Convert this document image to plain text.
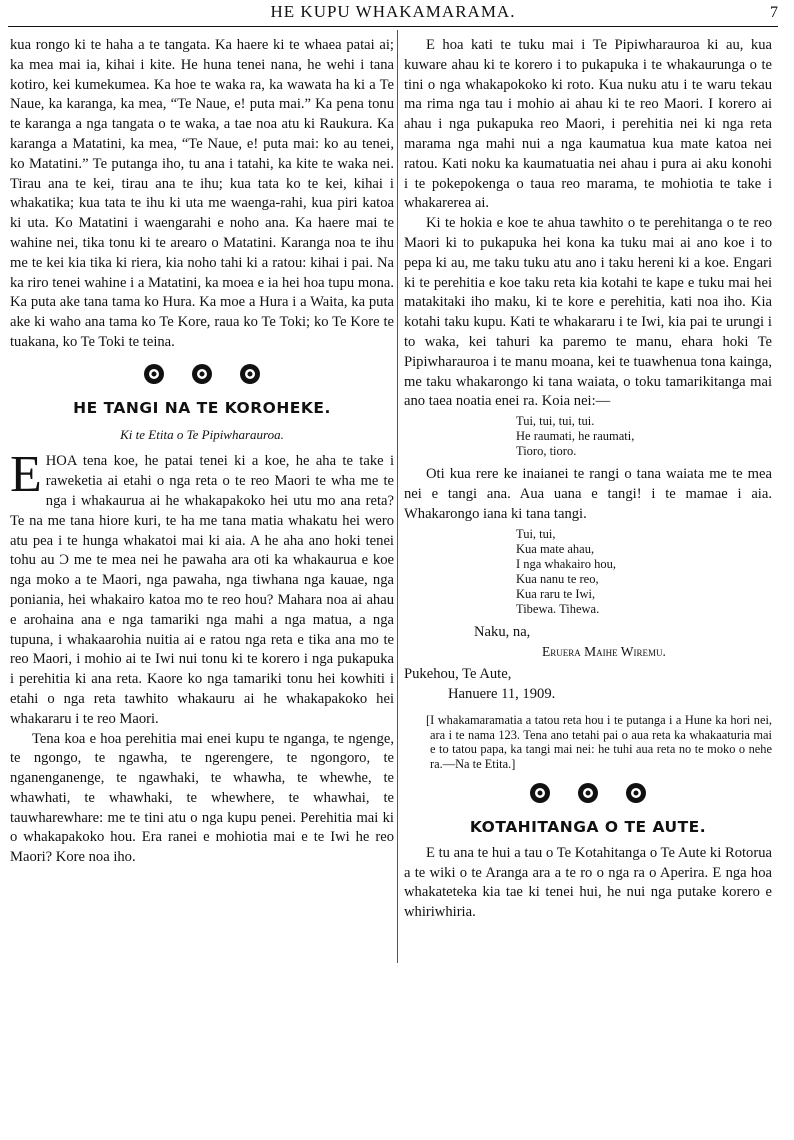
HE KUPU WHAKAMARAMA.	7

kua rongo ki te haha a te tangata. Ka haere ki te whaea patai ai; ka mea mai ia, kihai i kite. He huna tenei nana, he wehi i tana kotiro, kei kumekumea. Ka hoe te waka ra, ka wawata ha ki a Te Naue, ka karanga, ka mea, “Te Naue, e! puta mai.” Ka pena tonu te karanga a nga tangata o te waka, a tae noa atu ki Raukura. Ka karanga a Matatini, ka mea, “Te Naue, e! puta mai: ko au tenei, ko Matatini.” Te putanga iho, tu ana i tatahi, ka kite te waka nei. Tirau ana te kei, tirau ana te ihu; kua tata ko te kei, kihai i whakatika; kua tata te ihu ki uta me waenga-rahi, kua piri katoa ki uta. Ko Matatini i waengarahi e noho ana. Ka haere mai te wahine nei, tika tonu ki te arearo o Matatini. Karanga noa te ihu me te kei kia tika ki riera, kia noho tahi ki a ratou: kihai i pai. Na ka riro tenei wahine i a Matatini, ka moea e ia hei hoa tupu mona. Ka puta ake tana tama ko Hura. Ka moe a Hura i a Waita, ka puta ake ki waho ana tama ko Te Kore, raua ko Te Toki; ko Te Kore te tuakana, ko Te Toki te teina.

HE TANGI NA TE KOROHEKE.
Ki te Etita o Te Pipiwharauroa.

E HOA tena koe, he patai tenei ki a koe, he aha te take i raweketia ai etahi o nga reta o te reo Maori te wha me te nga i whakaurua ai he whakapakoko hei utu mo ana reta? Te na me tana hiore kuri, te ha me tana matia whakatu hei wero atu pea i te hunga whakatoi mai ki aia. A he aha ano hoki tenei tohu au Ɔ me te mea nei he pawaha ara oti ka whakaurua e koe nga moko a te Maori, nga pawaha, nga tiwhana nga kauae, nga poniania, hei whakairo katoa mo te reo hou? Mahara noa ai ahau e arohaina ana e nga tamariki nga mahi a nga matua, a nga tupuna, i whakaarohia nuitia ai e ratou nga reta e tika ana mo te reo Maori, i mohio ai te Iwi nui tonu ki te korero i nga pukapuka i perehitia ki ana reta. Kaore ko nga tamariki tonu hei kowhiti i etahi o nga reta tawhito whakauru ai he whakapakoko hei whakararu i te reo Maori.

Tena koa e hoa perehitia mai enei kupu te nganga, te ngenge, te ngongo, te ngawha, te ngerengere, te ngongoro, te nganenganenge, te ngawhaki, te whawha, te whewhe, te whawhati, te whawhaki, te whewhere, te whawhai, te tauwharewhare: me te tini atu o nga kupu penei. Perehitia mai ki o whakapakoko hou. Era ranei e mohiotia mai e te Iwi he reo Maori? Kore noa iho.

E hoa kati te tuku mai i Te Pipiwharauroa ki au, kua kuware ahau ki te korero i to pukapuka i te whakaurunga o te tini o nga whakapokoko ki roto. Kua nuku atu i te waru tekau ma rima nga tau i mohio ai ahau ki te reo Maori. I korero ai ahau i nga pukapuka reo Maori, i perehitia nei ki nga reta marama nga mahi nui a nga kaumatua kua mate katoa nei ratou. Kati noku ka kaumatuatia nei ahau i pura ai aku konohi i te pokepokenga o taua reo marama, te mohiotia te take i whakarerea ai.

Ki te hokia e koe te ahua tawhito o te perehitanga o te reo Maori ki to pukapuka hei kona ka tuku mai ai ano koe i to pepa ki au, me taku tuku atu ano i taku hereni ki a koe. Engari ki te perehitia e koe taku reta kia kotahi te kape e tuku mai hei matakitaki iho maku, ki te kore e perehitia, kati noa iho. Kia kotahi taku kupu. Kati te whakararu i te Iwi, kia pai te urungi i to waka, kei tahuri ka paremo te manu, ehara hoki Te Pipiwharauroa i te manu moana, kei te tuawhenua tona kainga, me taku whakarongo ki tana waiata, o toku tamarikitanga mai ano taea noatia enei ra. Koia nei:—

Tui, tui, tui, tui.
He raumati, he raumati,
Tioro, tioro.

Oti kua rere ke inaianei te rangi o tana waiata me te mea nei e tangi ana. Aua uana e tangi! i te mamae i aia. Whakarongo iana ki tana tangi.

Tui, tui,
Kua mate ahau,
I nga whakairo hou,
Kua nanu te reo,
Kua raru te Iwi,
Tibewa. Tihewa.
Naku, na,
Eruera Maihe Wiremu.
Pukehou, Te Aute,
Hanuere 11, 1909.
[I whakamaramatia a tatou reta hou i te putanga i a Hune ka hori nei, ara i te nama 123. Tena ano tetahi pai o aua reta ka whakaaturia mai e to tatou papa, ka tangi mai nei: he tuhi aua reta no te moko o nehe ra.—Na te Etita.]
KOTAHITANGA O TE AUTE.

E tu ana te hui a tau o Te Kotahitanga o Te Aute ki Rotorua a te wiki o te Aranga ara a te ro o nga ra o Aperira. E nga hoa whakateteka kia tae ki tenei hui, he nui nga putake korero e whiriwhiria.
